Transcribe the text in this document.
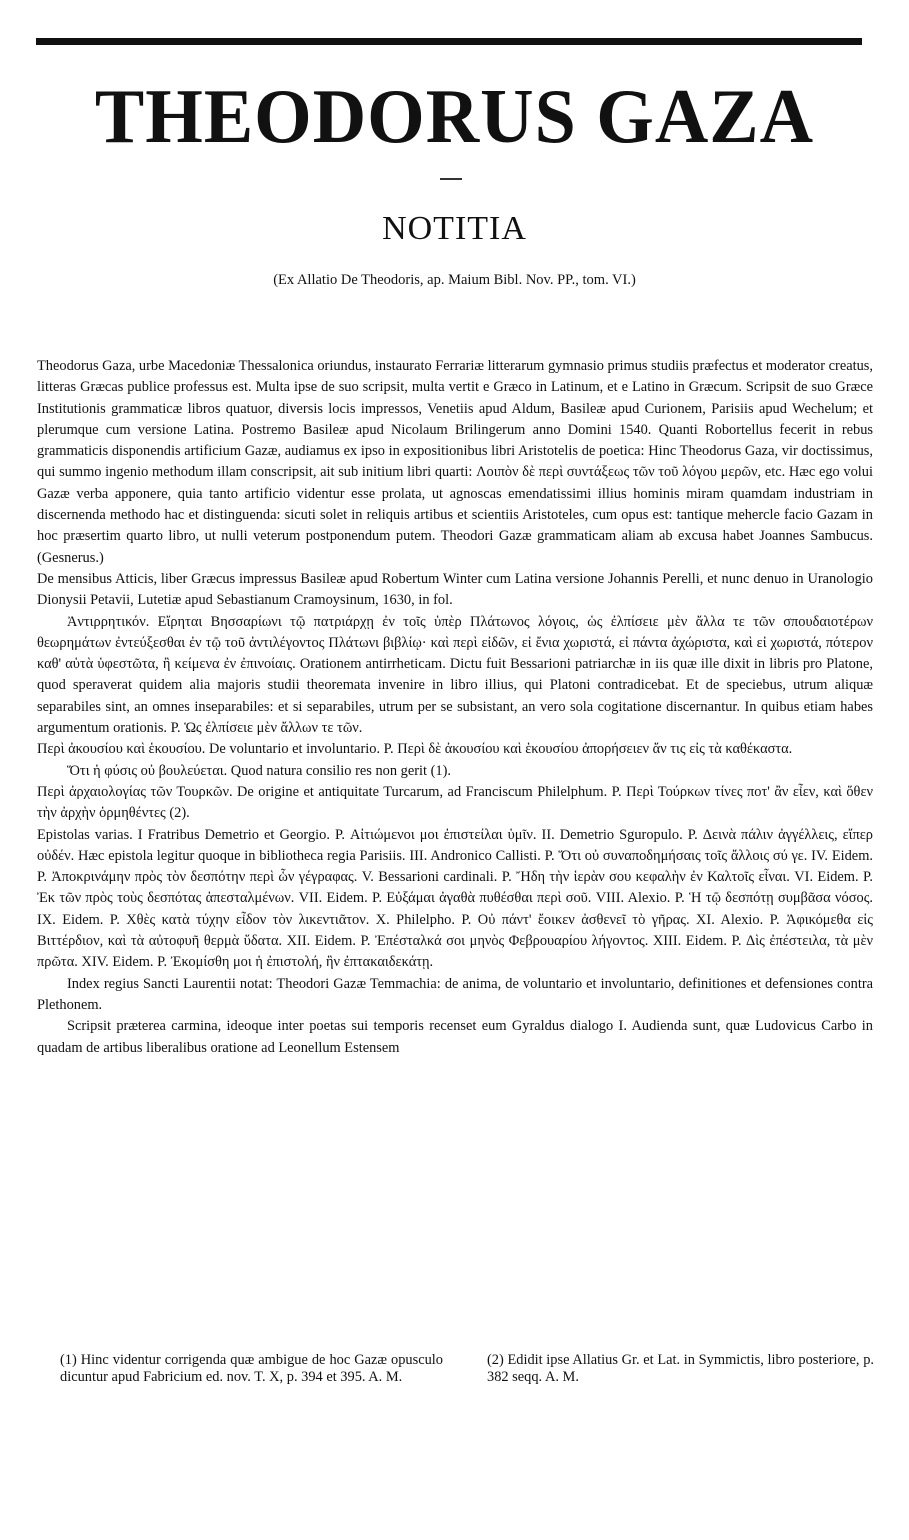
THEODORUS GAZA
NOTITIA
(Ex Allatio De Theodoris, ap. Maium Bibl. Nov. PP., tom. VI.)

Theodorus Gaza, urbe Macedoniæ Thessalonica oriundus, instaurato Ferrariæ litterarum gymnasio primus studiis præfectus et moderator creatus, litteras Græcas publice professus est. Multa ipse de suo scripsit, multa vertit e Græco in Latinum, et e Latino in Græcum. Scripsit de suo Græce Institutionis grammaticæ libros quatuor, diversis locis impressos, Venetiis apud Aldum, Basileæ apud Curionem, Parisiis apud Wechelum; et plerumque cum versione Latina. Postremo Basileæ apud Nicolaum Brilingerum anno Domini 1540. Quanti Robortellus fecerit in rebus grammaticis disponendis artificium Gazæ, audiamus ex ipso in expositionibus libri Aristotelis de poetica: Hinc Theodorus Gaza, vir doctissimus, qui summo ingenio methodum illam conscripsit, ait sub initium libri quarti: Λοιπὸν δὲ περὶ συντάξεως τῶν τοῦ λόγου μερῶν, etc. Hæc ego volui Gazæ verba apponere, quia tanto artificio videntur esse prolata, ut agnoscas emendatissimi illius hominis miram quamdam industriam in discernenda methodo hac et distinguenda: sicuti solet in reliquis artibus et scientiis Aristoteles, cum opus est: tantique mehercle facio Gazam in hoc præsertim quarto libro, ut nulli veterum postponendum putem. Theodori Gazæ grammaticam aliam ab excusa habet Joannes Sambucus. (Gesnerus.)

De mensibus Atticis, liber Græcus impressus Basileæ apud Robertum Winter cum Latina versione Johannis Perelli, et nunc denuo in Uranologio Dionysii Petavii, Lutetiæ apud Sebastianum Cramoysinum, 1630, in fol.

Ἀντιρρητικόν. Εἴρηται Βησσαρίωνι τῷ πατριάρχῃ ἐν τοῖς ὑπὲρ Πλάτωνος λόγοις, ὡς ἐλπίσειε μὲν ἄλλα τε τῶν σπουδαιοτέρων θεωρημάτων ἐντεύξεσθαι ἐν τῷ τοῦ ἀντιλέγοντος Πλάτωνι βιβλίῳ· καὶ περὶ εἰδῶν, εἰ ἔνια χωριστά, εἰ πάντα ἀχώριστα, καὶ εἰ χωριστά, πότερον καθ' αὑτὰ ὑφεστῶτα, ἢ κείμενα ἐν ἐπινοίαις. Orationem antirrheticam. Dictu fuit Bessarioni patriarchæ in iis quæ ille dixit in libris pro Platone, quod speraverat quidem alia majoris studii theoremata invenire in libro illius, qui Platoni contradicebat. Et de speciebus, utrum aliquæ separabiles sint, an omnes inseparabiles: et si separabiles, utrum per se subsistant, an vero sola cogitatione discernantur. In quibus etiam habes argumentum orationis. P. Ὡς ἐλπίσειε μὲν ἄλλων τε τῶν.

Περὶ ἀκουσίου καὶ ἑκουσίου. De voluntario et involuntario. P. Περὶ δὲ ἀκουσίου καὶ ἑκουσίου ἀπορήσειεν ἄν τις εἰς τὰ καθέκαστα.

Ὅτι ἡ φύσις οὐ βουλεύεται. Quod natura consilio res non gerit (1).

Περὶ ἀρχαιολογίας τῶν Τουρκῶν. De origine et antiquitate Turcarum, ad Franciscum Philelphum. P. Περὶ Τούρκων τίνες ποτ' ἂν εἶεν, καὶ ὅθεν τὴν ἀρχὴν ὁρμηθέντες (2).

Epistolas varias. I Fratribus Demetrio et Georgio. P. Αἰτιώμενοι μοι ἐπιστείλαι ὑμῖν. II. Demetrio Sguropulo. P. Δεινὰ πάλιν ἀγγέλλεις, εἴπερ οὐδέν. Hæc epistola legitur quoque in bibliotheca regia Parisiis. III. Andronico Callisti. P. Ὅτι οὐ συναποδημήσαις τοῖς ἄλλοις σύ γε. IV. Eidem. P. Ἀποκρινάμην πρὸς τὸν δεσπότην περὶ ὧν γέγραφας. V. Bessarioni cardinali. P. Ἤδη τὴν ἱερὰν σου κεφαλὴν ἐν Καλτοῖς εἶναι. VI. Eidem. P. Ἐκ τῶν πρὸς τοὺς δεσπότας ἀπεσταλμένων. VII. Eidem. P. Εὐξάμαι ἀγαθὰ πυθέσθαι περὶ σοῦ. VIII. Alexio. P. Ἡ τῷ δεσπότῃ συμβᾶσα νόσος. IX. Eidem. P. Χθὲς κατὰ τύχην εἶδον τὸν λικεντιᾶτον. X. Philelpho. P. Οὐ πάντ' ἔοικεν ἀσθενεῖ τὸ γῆρας. XI. Alexio. P. Ἀφικόμεθα εἰς Βιττέρδιον, καὶ τὰ αὐτοφυῆ θερμὰ ὕδατα. XII. Eidem. P. Ἐπέσταλκά σοι μηνὸς Φεβρουαρίου λήγοντος. XIII. Eidem. P. Δὶς ἐπέστειλα, τὰ μὲν πρῶτα. XIV. Eidem. P. Ἐκομίσθη μοι ἡ ἐπιστολή, ἣν ἐπτακαιδεκάτῃ.

Index regius Sancti Laurentii notat: Theodori Gazæ Temmachia: de anima, de voluntario et involuntario, definitiones et defensiones contra Plethonem.

Scripsit præterea carmina, ideoque inter poetas sui temporis recenset eum Gyraldus dialogo I. Audienda sunt, quæ Ludovicus Carbo in quadam de artibus liberalibus oratione ad Leonellum Estensem

(1) Hinc videntur corrigenda quæ ambigue de hoc Gazæ opusculo dicuntur apud Fabricium ed. nov. T. X, p. 394 et 395. A. M.
(2) Edidit ipse Allatius Gr. et Lat. in Symmictis, libro posteriore, p. 382 seqq. A. M.
